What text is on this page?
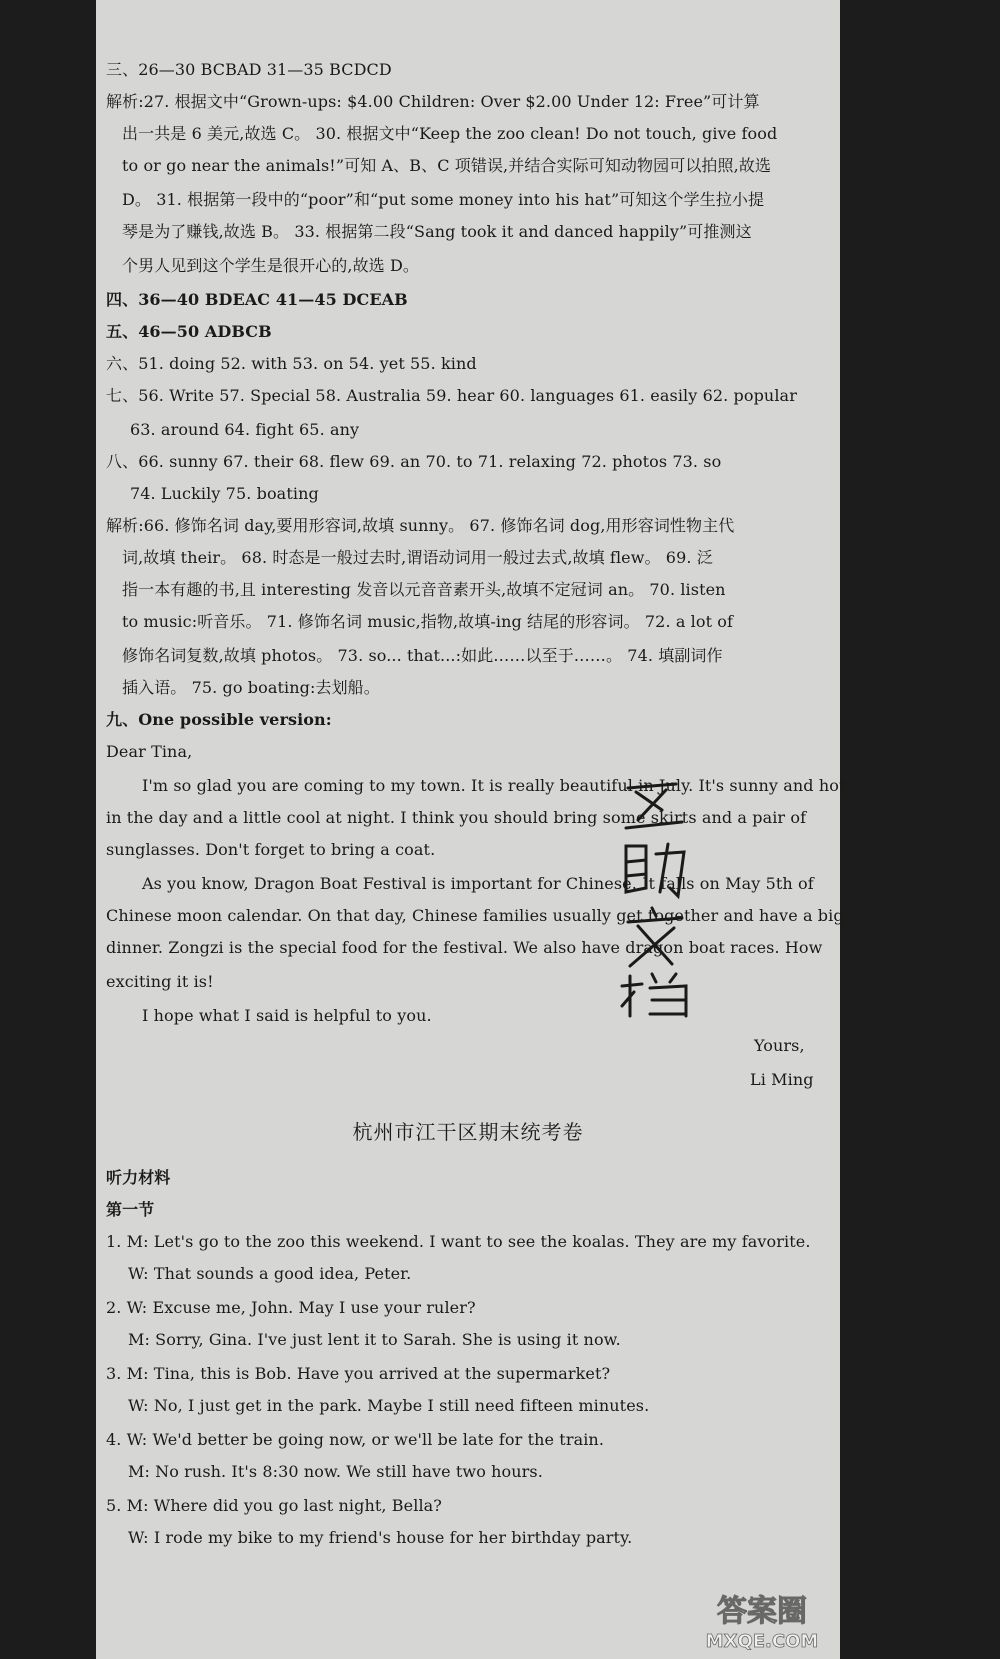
三、26—30 BCBAD 31—35 BCDCD
解析:27. 根据文中“Grown-ups: $4.00 Children: Over $2.00 Under 12: Free”可计算
出一共是 6 美元,故选 C。 30. 根据文中“Keep the zoo clean! Do not touch, give food
to or go near the animals!”可知 A、B、C 项错误,并结合实际可知动物园可以拍照,故选
D。 31. 根据第一段中的“poor”和“put some money into his hat”可知这个学生拉小提
琴是为了赚钱,故选 B。 33. 根据第二段“Sang took it and danced happily”可推测这
个男人见到这个学生是很开心的,故选 D。
四、36—40 BDEAC 41—45 DCEAB
五、46—50 ADBCB
六、51. doing 52. with 53. on 54. yet 55. kind
七、56. Write 57. Special 58. Australia 59. hear 60. languages 61. easily 62. popular
63. around 64. fight 65. any
八、66. sunny 67. their 68. flew 69. an 70. to 71. relaxing 72. photos 73. so
74. Luckily 75. boating
解析:66. 修饰名词 day,要用形容词,故填 sunny。 67. 修饰名词 dog,用形容词性物主代
词,故填 their。 68. 时态是一般过去时,谓语动词用一般过去式,故填 flew。 69. 泛
指一本有趣的书,且 interesting 发音以元音音素开头,故填不定冠词 an。 70. listen
to music:听音乐。 71. 修饰名词 music,指物,故填-ing 结尾的形容词。 72. a lot of
修饰名词复数,故填 photos。 73. so... that...:如此……以至于……。 74. 填副词作
插入语。 75. go boating:去划船。
九、One possible version:
Dear Tina,
I'm so glad you are coming to my town. It is really beautiful in July. It's sunny and hot
in the day and a little cool at night. I think you should bring some skirts and a pair of
sunglasses. Don't forget to bring a coat.
As you know, Dragon Boat Festival is important for Chinese. It falls on May 5th of
Chinese moon calendar. On that day, Chinese families usually get together and have a big
dinner. Zongzi is the special food for the festival. We also have dragon boat races. How
exciting it is!
I hope what I said is helpful to you.
Yours,
Li Ming
杭州市江干区期末统考卷
听力材料
第一节
1. M: Let's go to the zoo this weekend. I want to see the koalas. They are my favorite.
W: That sounds a good idea, Peter.
2. W: Excuse me, John. May I use your ruler?
M: Sorry, Gina. I've just lent it to Sarah. She is using it now.
3. M: Tina, this is Bob. Have you arrived at the supermarket?
W: No, I just get in the park. Maybe I still need fifteen minutes.
4. W: We'd better be going now, or we'll be late for the train.
M: No rush. It's 8:30 now. We still have two hours.
5. M: Where did you go last night, Bella?
W: I rode my bike to my friend's house for her birthday party.
答案圈
MXQE.COM
